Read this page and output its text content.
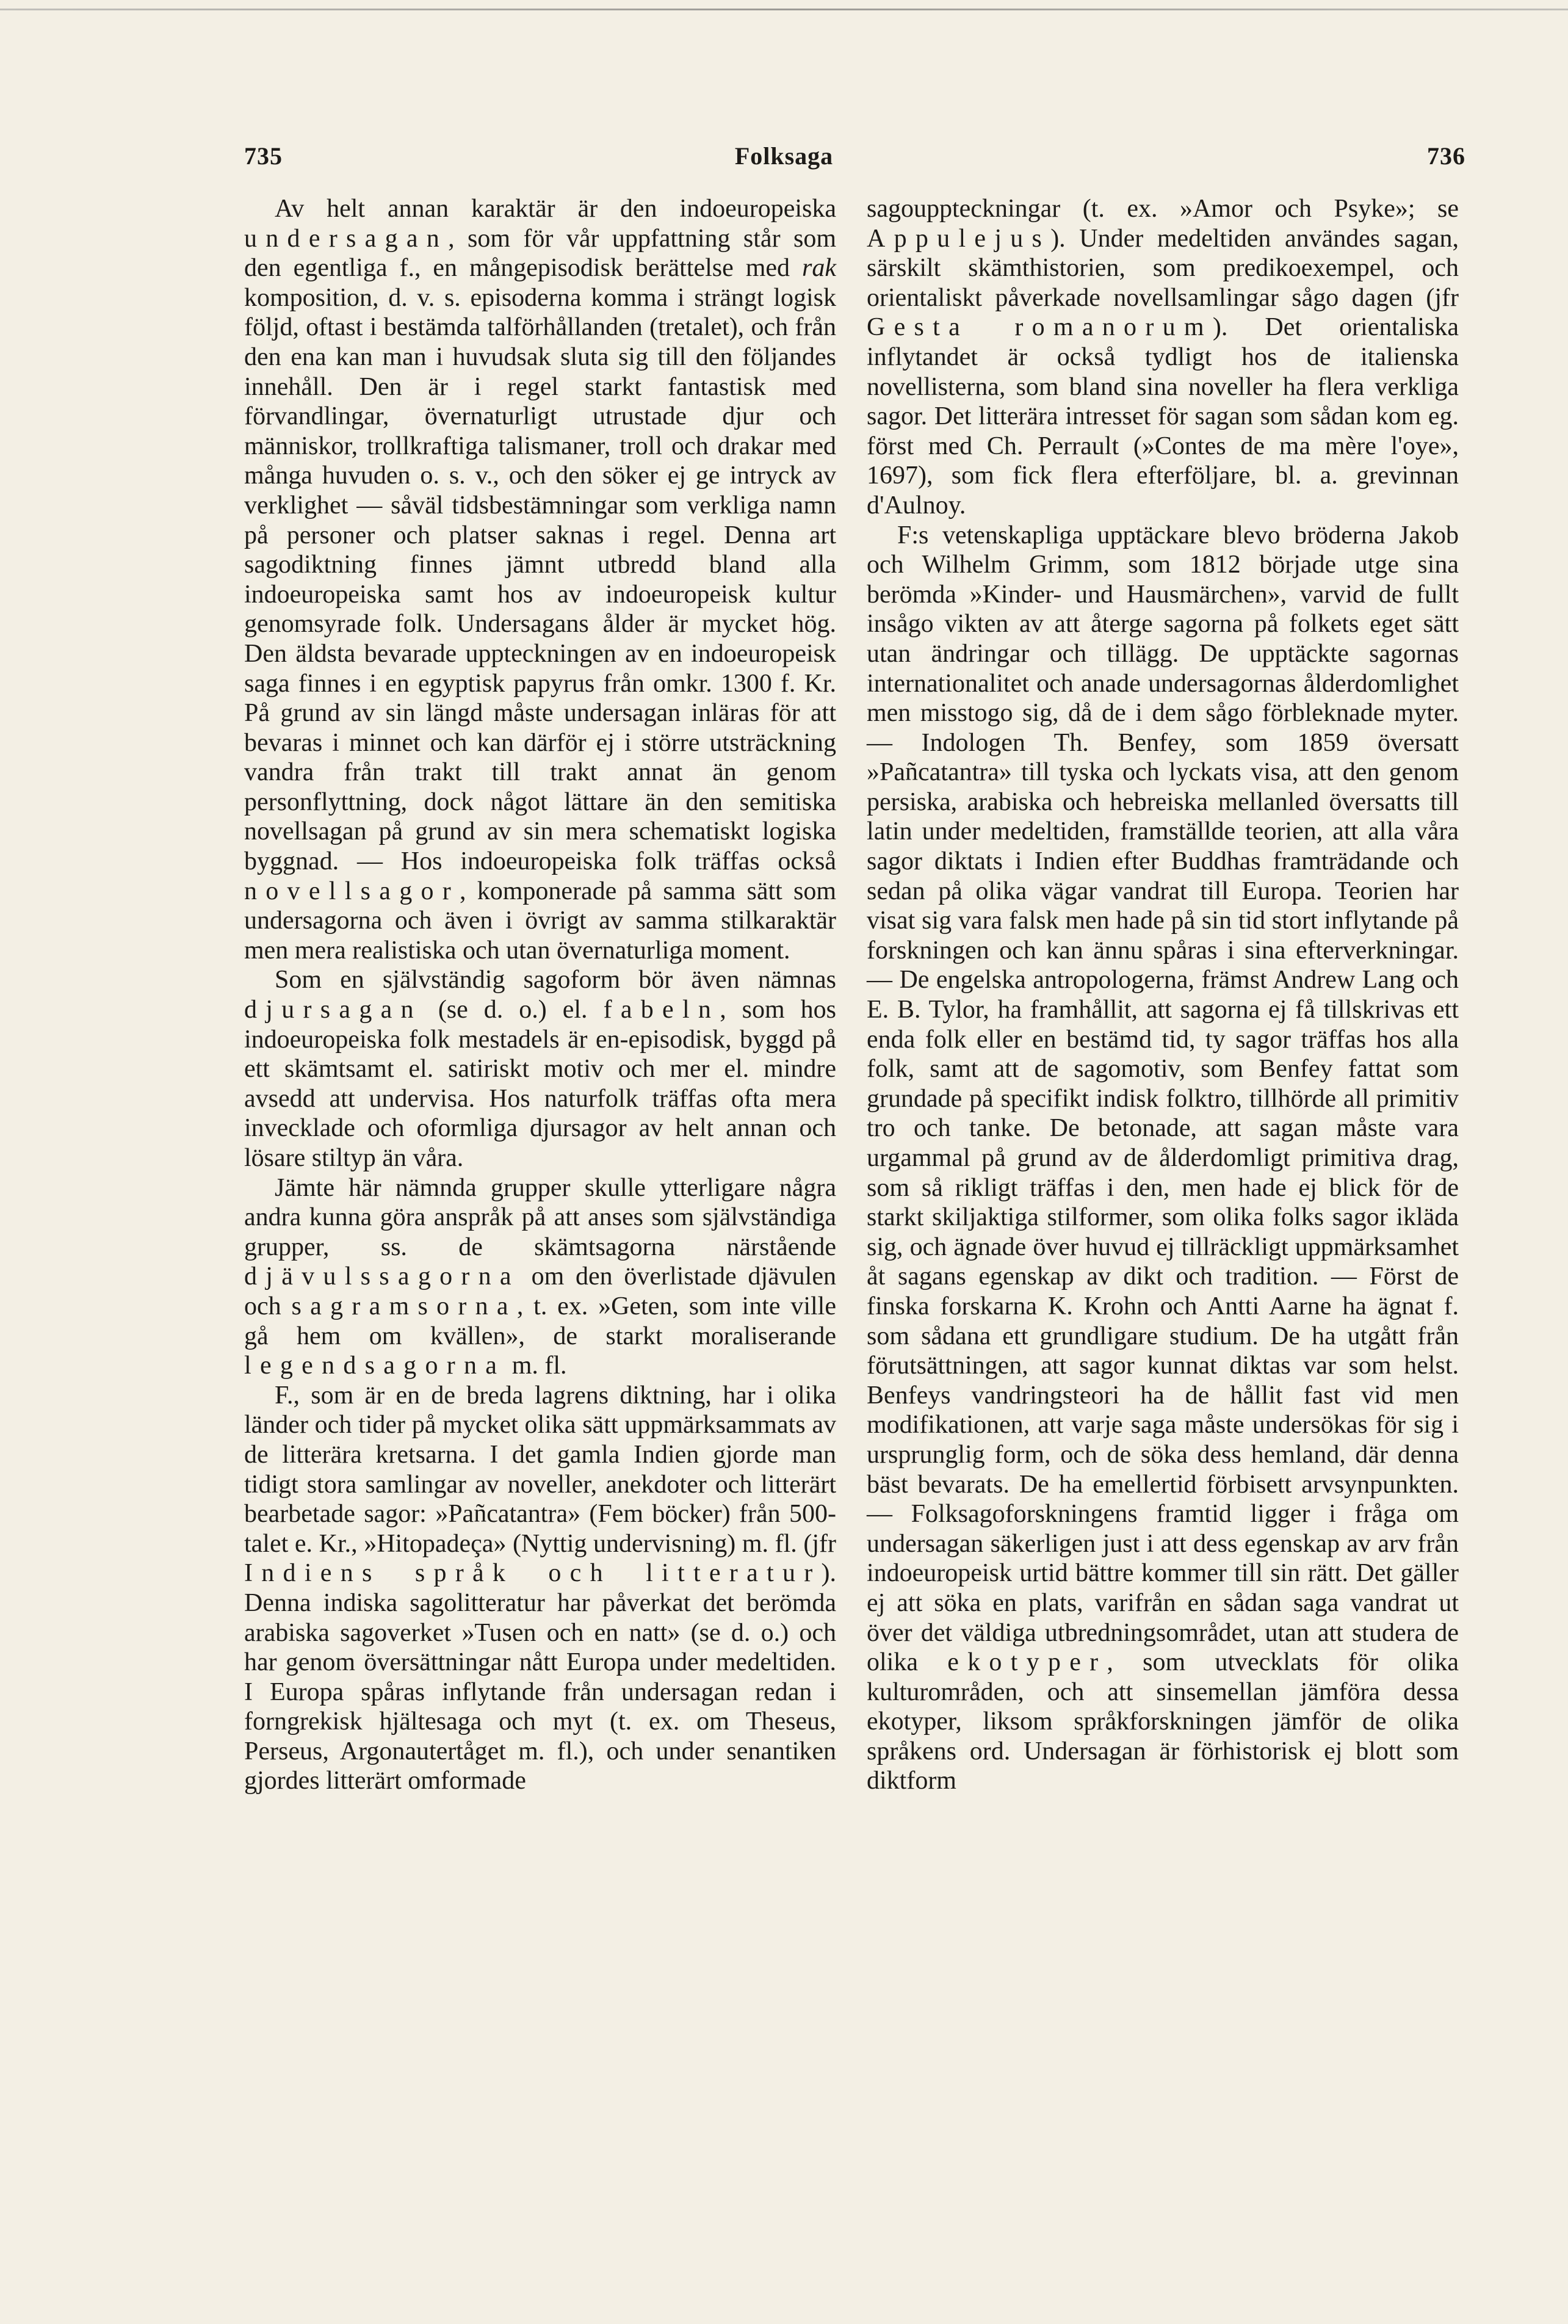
735	Folksaga	736

Av helt annan karaktär är den indoeuropeiska undersagan, som för vår uppfattning står som den egentliga f., en mångepisodisk berättelse med rak komposition, d. v. s. episoderna komma i strängt logisk följd, oftast i bestämda talförhållanden (tretalet), och från den ena kan man i huvudsak sluta sig till den följandes innehåll. Den är i regel starkt fantastisk med förvandlingar, övernaturligt utrustade djur och människor, trollkraftiga talismaner, troll och drakar med många huvuden o. s. v., och den söker ej ge intryck av verklighet — såväl tidsbestämningar som verkliga namn på personer och platser saknas i regel. Denna art sagodiktning finnes jämnt utbredd bland alla indoeuropeiska samt hos av indoeuropeisk kultur genomsyrade folk. Undersagans ålder är mycket hög. Den äldsta bevarade uppteckningen av en indoeuropeisk saga finnes i en egyptisk papyrus från omkr. 1300 f. Kr. På grund av sin längd måste undersagan inläras för att bevaras i minnet och kan därför ej i större utsträckning vandra från trakt till trakt annat än genom personflyttning, dock något lättare än den semitiska novellsagan på grund av sin mera schematiskt logiska byggnad. — Hos indoeuropeiska folk träffas också novellsagor, komponerade på samma sätt som undersagorna och även i övrigt av samma stilkaraktär men mera realistiska och utan övernaturliga moment.

Som en självständig sagoform bör även nämnas djursagan (se d. o.) el. fabeln, som hos indoeuropeiska folk mestadels är en-episodisk, byggd på ett skämtsamt el. satiriskt motiv och mer el. mindre avsedd att undervisa. Hos naturfolk träffas ofta mera invecklade och oformliga djursagor av helt annan och lösare stiltyp än våra.

Jämte här nämnda grupper skulle ytterligare några andra kunna göra anspråk på att anses som självständiga grupper, ss. de skämtsagorna närstående djävulssagorna om den överlistade djävulen och sagramsorna, t. ex. »Geten, som inte ville gå hem om kvällen», de starkt moraliserande legendsagorna m. fl.

F., som är en de breda lagrens diktning, har i olika länder och tider på mycket olika sätt uppmärksammats av de litterära kretsarna. I det gamla Indien gjorde man tidigt stora samlingar av noveller, anekdoter och litterärt bearbetade sagor: »Pañcatantra» (Fem böcker) från 500-talet e. Kr., »Hitopadeça» (Nyttig undervisning) m. fl. (jfr Indiens språk och litteratur). Denna indiska sagolitteratur har påverkat det berömda arabiska sagoverket »Tusen och en natt» (se d. o.) och har genom översättningar nått Europa under medeltiden. I Europa spåras inflytande från undersagan redan i forngrekisk hjältesaga och myt (t. ex. om Theseus, Perseus, Argonautertåget m. fl.), och under senantiken gjordes litterärt omformade

sagouppteckningar (t. ex. »Amor och Psyke»; se Appulejus). Under medeltiden användes sagan, särskilt skämthistorien, som predikoexempel, och orientaliskt påverkade novellsamlingar sågo dagen (jfr Gesta romanorum). Det orientaliska inflytandet är också tydligt hos de italienska novellisterna, som bland sina noveller ha flera verkliga sagor. Det litterära intresset för sagan som sådan kom eg. först med Ch. Perrault (»Contes de ma mère l'oye», 1697), som fick flera efterföljare, bl. a. grevinnan d'Aulnoy.

F:s vetenskapliga upptäckare blevo bröderna Jakob och Wilhelm Grimm, som 1812 började utge sina berömda »Kinder- und Hausmärchen», varvid de fullt insågo vikten av att återge sagorna på folkets eget sätt utan ändringar och tillägg. De upptäckte sagornas internationalitet och anade undersagornas ålderdomlighet men misstogo sig, då de i dem sågo förbleknade myter. — Indologen Th. Benfey, som 1859 översatt »Pañcatantra» till tyska och lyckats visa, att den genom persiska, arabiska och hebreiska mellanled översatts till latin under medeltiden, framställde teorien, att alla våra sagor diktats i Indien efter Buddhas framträdande och sedan på olika vägar vandrat till Europa. Teorien har visat sig vara falsk men hade på sin tid stort inflytande på forskningen och kan ännu spåras i sina efterverkningar. — De engelska antropologerna, främst Andrew Lang och E. B. Tylor, ha framhållit, att sagorna ej få tillskrivas ett enda folk eller en bestämd tid, ty sagor träffas hos alla folk, samt att de sagomotiv, som Benfey fattat som grundade på specifikt indisk folktro, tillhörde all primitiv tro och tanke. De betonade, att sagan måste vara urgammal på grund av de ålderdomligt primitiva drag, som så rikligt träffas i den, men hade ej blick för de starkt skiljaktiga stilformer, som olika folks sagor ikläda sig, och ägnade över huvud ej tillräckligt uppmärksamhet åt sagans egenskap av dikt och tradition. — Först de finska forskarna K. Krohn och Antti Aarne ha ägnat f. som sådana ett grundligare studium. De ha utgått från förutsättningen, att sagor kunnat diktas var som helst. Benfeys vandringsteori ha de hållit fast vid men modifikationen, att varje saga måste undersökas för sig i ursprunglig form, och de söka dess hemland, där denna bäst bevarats. De ha emellertid förbisett arvsynpunkten. — Folksagoforskningens framtid ligger i fråga om undersagan säkerligen just i att dess egenskap av arv från indoeuropeisk urtid bättre kommer till sin rätt. Det gäller ej att söka en plats, varifrån en sådan saga vandrat ut över det väldiga utbredningsområdet, utan att studera de olika ekotyper, som utvecklats för olika kulturområden, och att sinsemellan jämföra dessa ekotyper, liksom språkforskningen jämför de olika språkens ord. Undersagan är förhistorisk ej blott som diktform
